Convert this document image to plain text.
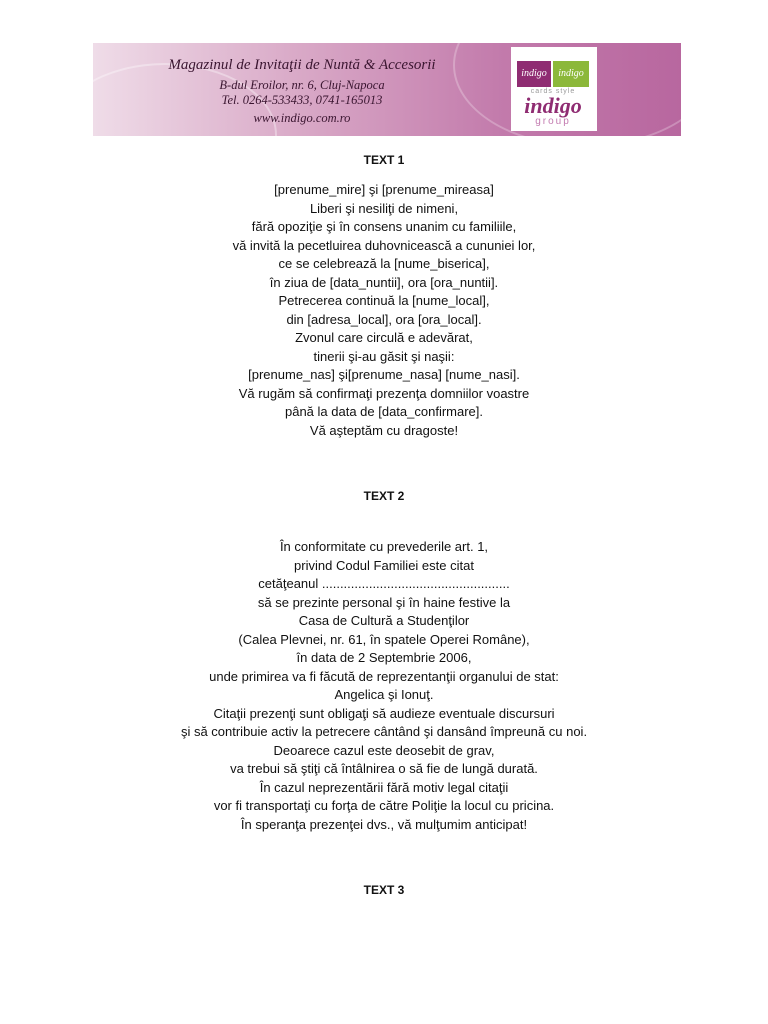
Magazinul de Invitaţii de Nuntă & Accesorii
B-dul Eroilor, nr. 6, Cluj-Napoca
Tel. 0264-533433, 0741-165013
www.indigo.com.ro
indigo	indigo
cards style
indigo
group
TEXT 1
[prenume_mire] şi [prenume_mireasa]
Liberi şi nesiliţi de nimeni,
fără opoziţie şi în consens unanim cu familiile,
vă invită la pecetluirea duhovnicească a cununiei lor,
ce se celebrează la [nume_biserica],
în ziua de [data_nuntii], ora [ora_nuntii].
Petrecerea continuă la [nume_local],
din [adresa_local], ora [ora_local].
Zvonul care circulă e adevărat,
tinerii şi-au găsit şi naşii:
[prenume_nas] şi[prenume_nasa] [nume_nasi].
Vă rugăm să confirmaţi prezenţa domniilor voastre
până la data de [data_confirmare].
Vă aşteptăm cu dragoste!
TEXT 2
În conformitate cu prevederile art. 1,
privind Codul Familiei este citat
cetăţeanul ....................................................
să se prezinte personal şi în haine festive la
Casa de Cultură a Studenţilor
(Calea Plevnei, nr. 61, în spatele Operei Române),
în data de 2 Septembrie 2006,
unde primirea va fi făcută de reprezentanţii organului de stat:
Angelica şi Ionuţ.
Citaţii prezenţi sunt obligaţi să audieze eventuale discursuri
şi să contribuie activ la petrecere cântând şi dansând împreună cu noi.
Deoarece cazul este deosebit de grav,
va trebui să ştiţi că întâlnirea o să fie de lungă durată.
În cazul neprezentării fără motiv legal citaţii
vor fi transportaţi cu forţa de către Poliţie la locul cu pricina.
În speranţa prezenţei dvs., vă mulţumim anticipat!
TEXT 3
